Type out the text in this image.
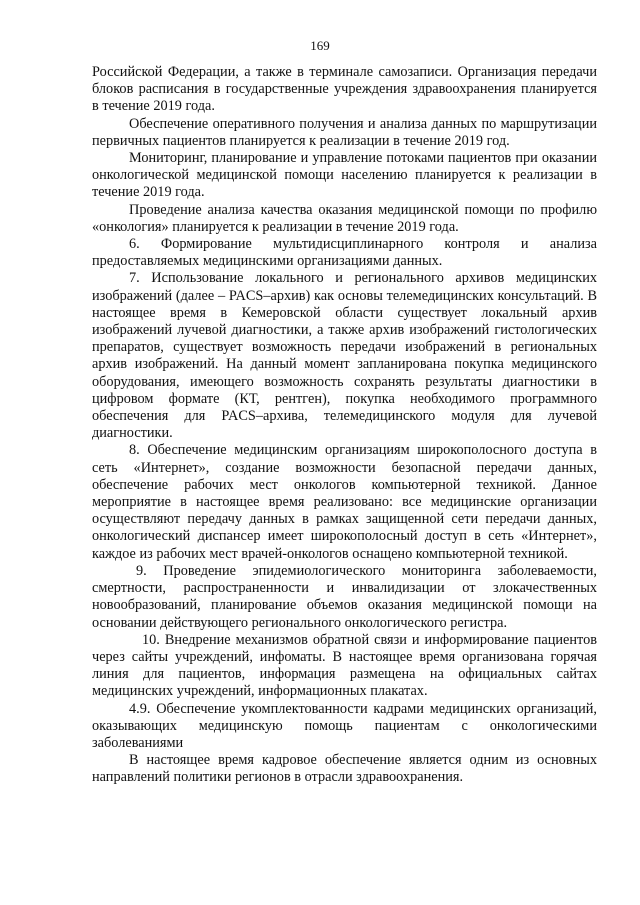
169

Российской Федерации, а также в терминале самозаписи. Организация передачи блоков расписания в государственные учреждения здравоохранения планируется в течение 2019 года.

Обеспечение оперативного получения и анализа данных по маршрутизации первичных пациентов планируется к реализации в течение 2019 год.

Мониторинг, планирование и управление потоками пациентов при оказании онкологической медицинской помощи населению планируется к реализации в течение 2019 года.

Проведение анализа качества оказания медицинской помощи по профилю «онкология» планируется к реализации в течение 2019 года.

6. Формирование мультидисциплинарного контроля и анализа предоставляемых медицинскими организациями данных.

7. Использование локального и регионального архивов медицинских изображений (далее – PACS–архив) как основы телемедицинских консультаций. В настоящее время в Кемеровской области существует локальный архив изображений лучевой диагностики, а также архив изображений гистологических препаратов, существует возможность передачи изображений в региональных архив изображений. На данный момент запланирована покупка медицинского оборудования, имеющего возможность сохранять результаты диагностики в цифровом формате (КТ, рентген), покупка необходимого программного обеспечения для PACS–архива, телемедицинского модуля для лучевой диагностики.

8. Обеспечение медицинским организациям широкополосного доступа в сеть «Интернет», создание возможности безопасной передачи данных, обеспечение рабочих мест онкологов компьютерной техникой. Данное мероприятие в настоящее время реализовано: все медицинские организации осуществляют передачу данных в рамках защищенной сети передачи данных, онкологический диспансер имеет широкополосный доступ в сеть «Интернет», каждое из рабочих мест врачей-онкологов оснащено компьютерной техникой.

9. Проведение эпидемиологического мониторинга заболеваемости, смертности, распространенности и инвалидизации от злокачественных новообразований, планирование объемов оказания медицинской помощи на основании действующего регионального онкологического регистра.

10. Внедрение механизмов обратной связи и информирование пациентов через сайты учреждений, инфоматы. В настоящее время организована горячая линия для пациентов, информация размещена на официальных сайтах медицинских учреждений, информационных плакатах.

4.9. Обеспечение укомплектованности кадрами медицинских организаций, оказывающих медицинскую помощь пациентам с онкологическими заболеваниями

В настоящее время кадровое обеспечение является одним из основных направлений политики регионов в отрасли здравоохранения.
